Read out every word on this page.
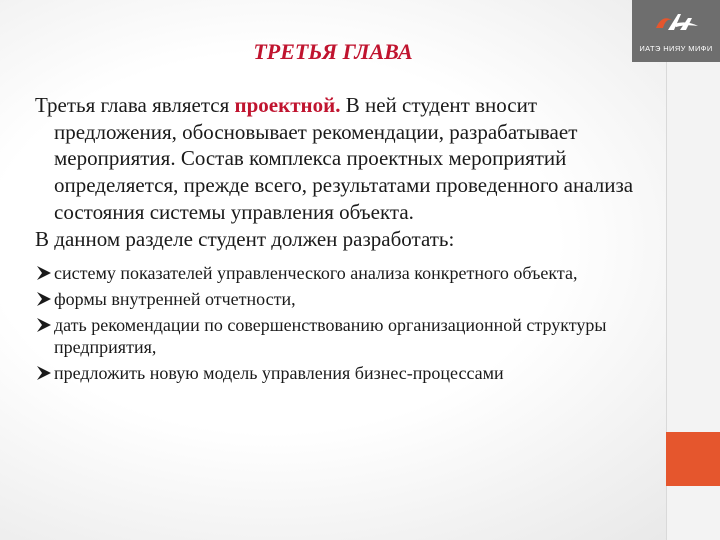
ИАТЭ НИЯУ МИФИ
ТРЕТЬЯ ГЛАВА

Третья глава является проектной. В ней студент вносит предложения, обосновывает рекомендации, разрабатывает мероприятия. Состав комплекса проектных мероприятий определяется, прежде всего, результатами проведенного анализа состояния системы управления объекта.

В данном разделе студент должен разработать:

систему показателей управленческого анализа конкретного объекта,
формы внутренней отчетности,
дать рекомендации по совершенствованию организационной структуры предприятия,
предложить новую модель управления бизнес-процессами
